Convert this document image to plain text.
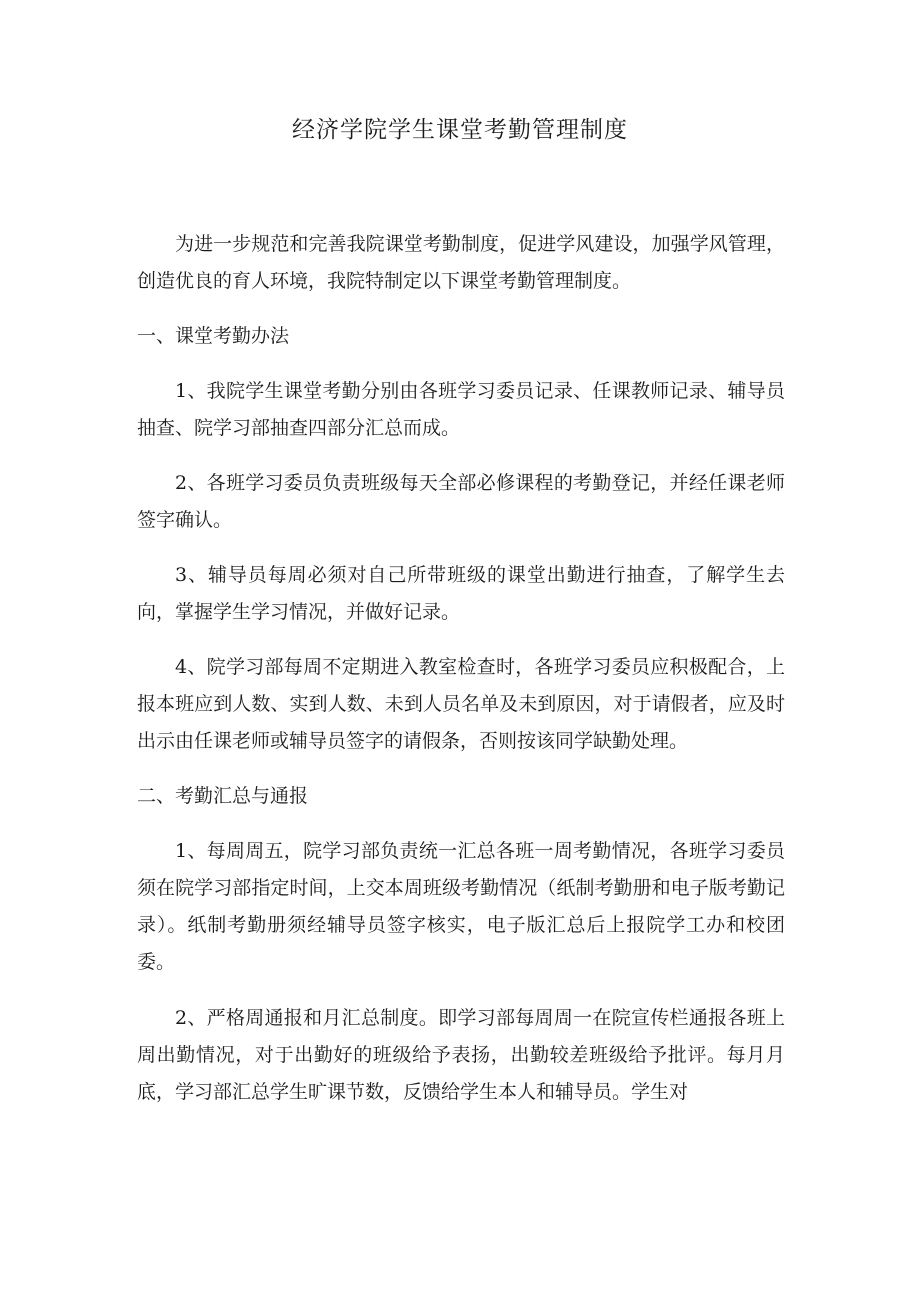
经济学院学生课堂考勤管理制度

为进一步规范和完善我院课堂考勤制度，促进学风建设，加强学风管理，创造优良的育人环境，我院特制定以下课堂考勤管理制度。

一、课堂考勤办法

1、我院学生课堂考勤分别由各班学习委员记录、任课教师记录、辅导员抽查、院学习部抽查四部分汇总而成。

2、各班学习委员负责班级每天全部必修课程的考勤登记，并经任课老师签字确认。

3、辅导员每周必须对自己所带班级的课堂出勤进行抽查，了解学生去向，掌握学生学习情况，并做好记录。

4、院学习部每周不定期进入教室检查时，各班学习委员应积极配合，上报本班应到人数、实到人数、未到人员名单及未到原因，对于请假者，应及时出示由任课老师或辅导员签字的请假条，否则按该同学缺勤处理。

二、考勤汇总与通报

1、每周周五，院学习部负责统一汇总各班一周考勤情况，各班学习委员须在院学习部指定时间，上交本周班级考勤情况（纸制考勤册和电子版考勤记录）。纸制考勤册须经辅导员签字核实，电子版汇总后上报院学工办和校团委。

2、严格周通报和月汇总制度。即学习部每周周一在院宣传栏通报各班上周出勤情况，对于出勤好的班级给予表扬，出勤较差班级给予批评。每月月底，学习部汇总学生旷课节数，反馈给学生本人和辅导员。学生对
